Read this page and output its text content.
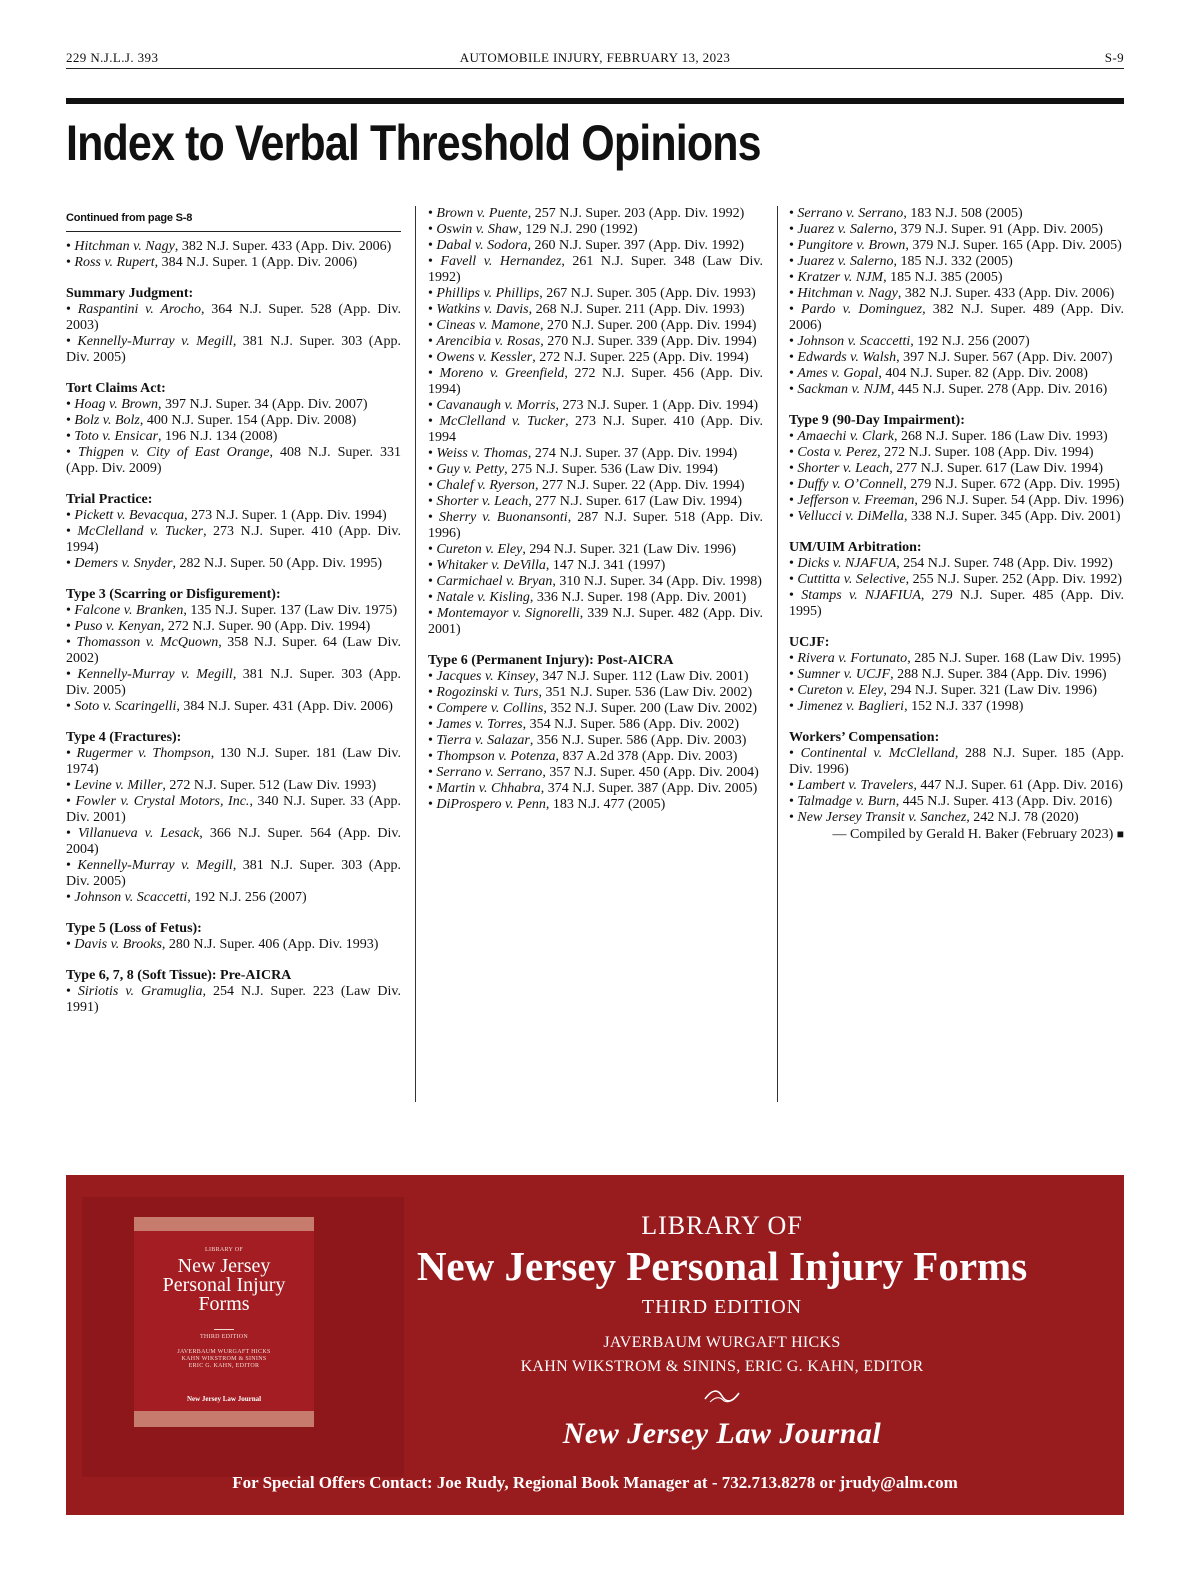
229 N.J.L.J. 393	AUTOMOBILE INJURY, FEBRUARY 13, 2023	S-9
Index to Verbal Threshold Opinions
Continued from page S-8

• Hitchman v. Nagy, 382 N.J. Super. 433 (App. Div. 2006)

• Ross v. Rupert, 384 N.J. Super. 1 (App. Div. 2006)

Summary Judgment:

• Raspantini v. Arocho, 364 N.J. Super. 528 (App. Div. 2003)

• Kennelly-Murray v. Megill, 381 N.J. Super. 303 (App. Div. 2005)

Tort Claims Act:

• Hoag v. Brown, 397 N.J. Super. 34 (App. Div. 2007)

• Bolz v. Bolz, 400 N.J. Super. 154 (App. Div. 2008)

• Toto v. Ensicar, 196 N.J. 134 (2008)

• Thigpen v. City of East Orange, 408 N.J. Super. 331 (App. Div. 2009)

Trial Practice:

• Pickett v. Bevacqua, 273 N.J. Super. 1 (App. Div. 1994)

• McClelland v. Tucker, 273 N.J. Super. 410 (App. Div. 1994)

• Demers v. Snyder, 282 N.J. Super. 50 (App. Div. 1995)

Type 3 (Scarring or Disfigurement):

• Falcone v. Branken, 135 N.J. Super. 137 (Law Div. 1975)

• Puso v. Kenyan, 272 N.J. Super. 90 (App. Div. 1994)

• Thomasson v. McQuown, 358 N.J. Super. 64 (Law Div. 2002)

• Kennelly-Murray v. Megill, 381 N.J. Super. 303 (App. Div. 2005)

• Soto v. Scaringelli, 384 N.J. Super. 431 (App. Div. 2006)

Type 4 (Fractures):

• Rugermer v. Thompson, 130 N.J. Super. 181 (Law Div. 1974)

• Levine v. Miller, 272 N.J. Super. 512 (Law Div. 1993)

• Fowler v. Crystal Motors, Inc., 340 N.J. Super. 33 (App. Div. 2001)

• Villanueva v. Lesack, 366 N.J. Super. 564 (App. Div. 2004)

• Kennelly-Murray v. Megill, 381 N.J. Super. 303 (App. Div. 2005)

• Johnson v. Scaccetti, 192 N.J. 256 (2007)

Type 5 (Loss of Fetus):

• Davis v. Brooks, 280 N.J. Super. 406 (App. Div. 1993)

Type 6, 7, 8 (Soft Tissue): Pre-AICRA

• Siriotis v. Gramuglia, 254 N.J. Super. 223 (Law Div. 1991)

• Brown v. Puente, 257 N.J. Super. 203 (App. Div. 1992)

• Oswin v. Shaw, 129 N.J. 290 (1992)

• Dabal v. Sodora, 260 N.J. Super. 397 (App. Div. 1992)

• Favell v. Hernandez, 261 N.J. Super. 348 (Law Div. 1992)

• Phillips v. Phillips, 267 N.J. Super. 305 (App. Div. 1993)

• Watkins v. Davis, 268 N.J. Super. 211 (App. Div. 1993)

• Cineas v. Mamone, 270 N.J. Super. 200 (App. Div. 1994)

• Arencibia v. Rosas, 270 N.J. Super. 339 (App. Div. 1994)

• Owens v. Kessler, 272 N.J. Super. 225 (App. Div. 1994)

• Moreno v. Greenfield, 272 N.J. Super. 456 (App. Div. 1994)

• Cavanaugh v. Morris, 273 N.J. Super. 1 (App. Div. 1994)

• McClelland v. Tucker, 273 N.J. Super. 410 (App. Div. 1994

• Weiss v. Thomas, 274 N.J. Super. 37 (App. Div. 1994)

• Guy v. Petty, 275 N.J. Super. 536 (Law Div. 1994)

• Chalef v. Ryerson, 277 N.J. Super. 22 (App. Div. 1994)

• Shorter v. Leach, 277 N.J. Super. 617 (Law Div. 1994)

• Sherry v. Buonansonti, 287 N.J. Super. 518 (App. Div. 1996)

• Cureton v. Eley, 294 N.J. Super. 321 (Law Div. 1996)

• Whitaker v. DeVilla, 147 N.J. 341 (1997)

• Carmichael v. Bryan, 310 N.J. Super. 34 (App. Div. 1998)

• Natale v. Kisling, 336 N.J. Super. 198 (App. Div. 2001)

• Montemayor v. Signorelli, 339 N.J. Super. 482 (App. Div. 2001)

Type 6 (Permanent Injury): Post-AICRA

• Jacques v. Kinsey, 347 N.J. Super. 112 (Law Div. 2001)

• Rogozinski v. Turs, 351 N.J. Super. 536 (Law Div. 2002)

• Compere v. Collins, 352 N.J. Super. 200 (Law Div. 2002)

• James v. Torres, 354 N.J. Super. 586 (App. Div. 2002)

• Tierra v. Salazar, 356 N.J. Super. 586 (App. Div. 2003)

• Thompson v. Potenza, 837 A.2d 378 (App. Div. 2003)

• Serrano v. Serrano, 357 N.J. Super. 450 (App. Div. 2004)

• Martin v. Chhabra, 374 N.J. Super. 387 (App. Div. 2005)

• DiProspero v. Penn, 183 N.J. 477 (2005)

• Serrano v. Serrano, 183 N.J. 508 (2005)

• Juarez v. Salerno, 379 N.J. Super. 91 (App. Div. 2005)

• Pungitore v. Brown, 379 N.J. Super. 165 (App. Div. 2005)

• Juarez v. Salerno, 185 N.J. 332 (2005)

• Kratzer v. NJM, 185 N.J. 385 (2005)

• Hitchman v. Nagy, 382 N.J. Super. 433 (App. Div. 2006)

• Pardo v. Dominguez, 382 N.J. Super. 489 (App. Div. 2006)

• Johnson v. Scaccetti, 192 N.J. 256 (2007)

• Edwards v. Walsh, 397 N.J. Super. 567 (App. Div. 2007)

• Ames v. Gopal, 404 N.J. Super. 82 (App. Div. 2008)

• Sackman v. NJM, 445 N.J. Super. 278 (App. Div. 2016)

Type 9 (90-Day Impairment):

• Amaechi v. Clark, 268 N.J. Super. 186 (Law Div. 1993)

• Costa v. Perez, 272 N.J. Super. 108 (App. Div. 1994)

• Shorter v. Leach, 277 N.J. Super. 617 (Law Div. 1994)

• Duffy v. O’Connell, 279 N.J. Super. 672 (App. Div. 1995)

• Jefferson v. Freeman, 296 N.J. Super. 54 (App. Div. 1996)

• Vellucci v. DiMella, 338 N.J. Super. 345 (App. Div. 2001)

UM/UIM Arbitration:

• Dicks v. NJAFUA, 254 N.J. Super. 748 (App. Div. 1992)

• Cuttitta v. Selective, 255 N.J. Super. 252 (App. Div. 1992)

• Stamps v. NJAFIUA, 279 N.J. Super. 485 (App. Div. 1995)

UCJF:

• Rivera v. Fortunato, 285 N.J. Super. 168 (Law Div. 1995)

• Sumner v. UCJF, 288 N.J. Super. 384 (App. Div. 1996)

• Cureton v. Eley, 294 N.J. Super. 321 (Law Div. 1996)

• Jimenez v. Baglieri, 152 N.J. 337 (1998)

Workers’ Compensation:

• Continental v. McClelland, 288 N.J. Super. 185 (App. Div. 1996)

• Lambert v. Travelers, 447 N.J. Super. 61 (App. Div. 2016)

• Talmadge v. Burn, 445 N.J. Super. 413 (App. Div. 2016)

• New Jersey Transit v. Sanchez, 242 N.J. 78 (2020)

— Compiled by Gerald H. Baker (February 2023) ■
LIBRARY OF
New Jersey
Personal Injury
Forms
THIRD EDITION
JAVERBAUM WURGAFT HICKS
KAHN WIKSTROM & SININS
ERIC G. KAHN, EDITOR
New Jersey Law Journal
LIBRARY OF
New Jersey Personal Injury Forms
THIRD EDITION
JAVERBAUM WURGAFT HICKS
KAHN WIKSTROM & SININS, ERIC G. KAHN, EDITOR
New Jersey Law Journal
For Special Offers Contact: Joe Rudy, Regional Book Manager at - 732.713.8278 or jrudy@alm.com
